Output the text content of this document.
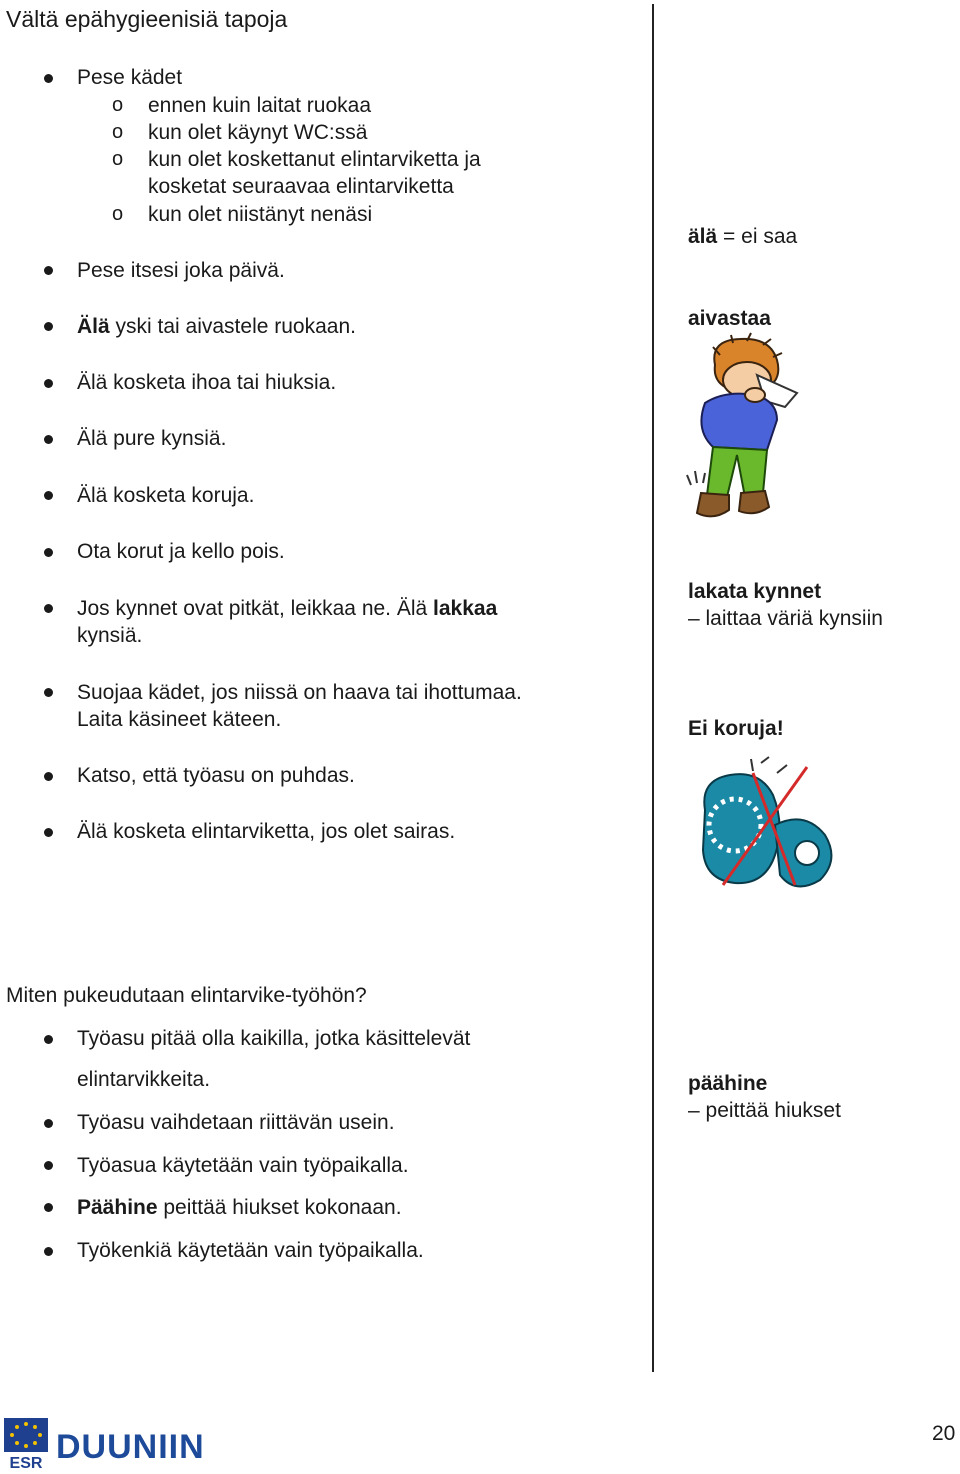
Vältä epähygieenisiä tapoja
Pese kädet
o ennen kuin laitat ruokaa
o kun olet käynyt WC:ssä
o kun olet koskettanut elintarviketta ja
kosketat seuraavaa elintarviketta
o kun olet niistänyt nenäsi
Pese itsesi joka päivä.
Älä yski tai aivastele ruokaan.
Älä kosketa ihoa tai hiuksia.
Älä pure kynsiä.
Älä kosketa koruja.
Ota korut ja kello pois.
Jos kynnet ovat pitkät, leikkaa ne. Älä lakkaa
kynsiä.
Suojaa kädet, jos niissä on haava tai ihottumaa.
Laita käsineet käteen.
Katso, että työasu on puhdas.
Älä kosketa elintarviketta, jos olet sairas.
älä = ei saa
aivastaa
lakata kynnet
– laittaa väriä kynsiin
Ei koruja!
Miten pukeudutaan elintarvike-työhön?
Työasu pitää olla kaikilla, jotka käsittelevät
elintarvikkeita.
Työasu vaihdetaan riittävän usein.
Työasua käytetään vain työpaikalla.
Päähine peittää hiukset kokonaan.
Työkenkiä käytetään vain työpaikalla.
päähine
– peittää hiukset
ESR DUUNIIN	20
